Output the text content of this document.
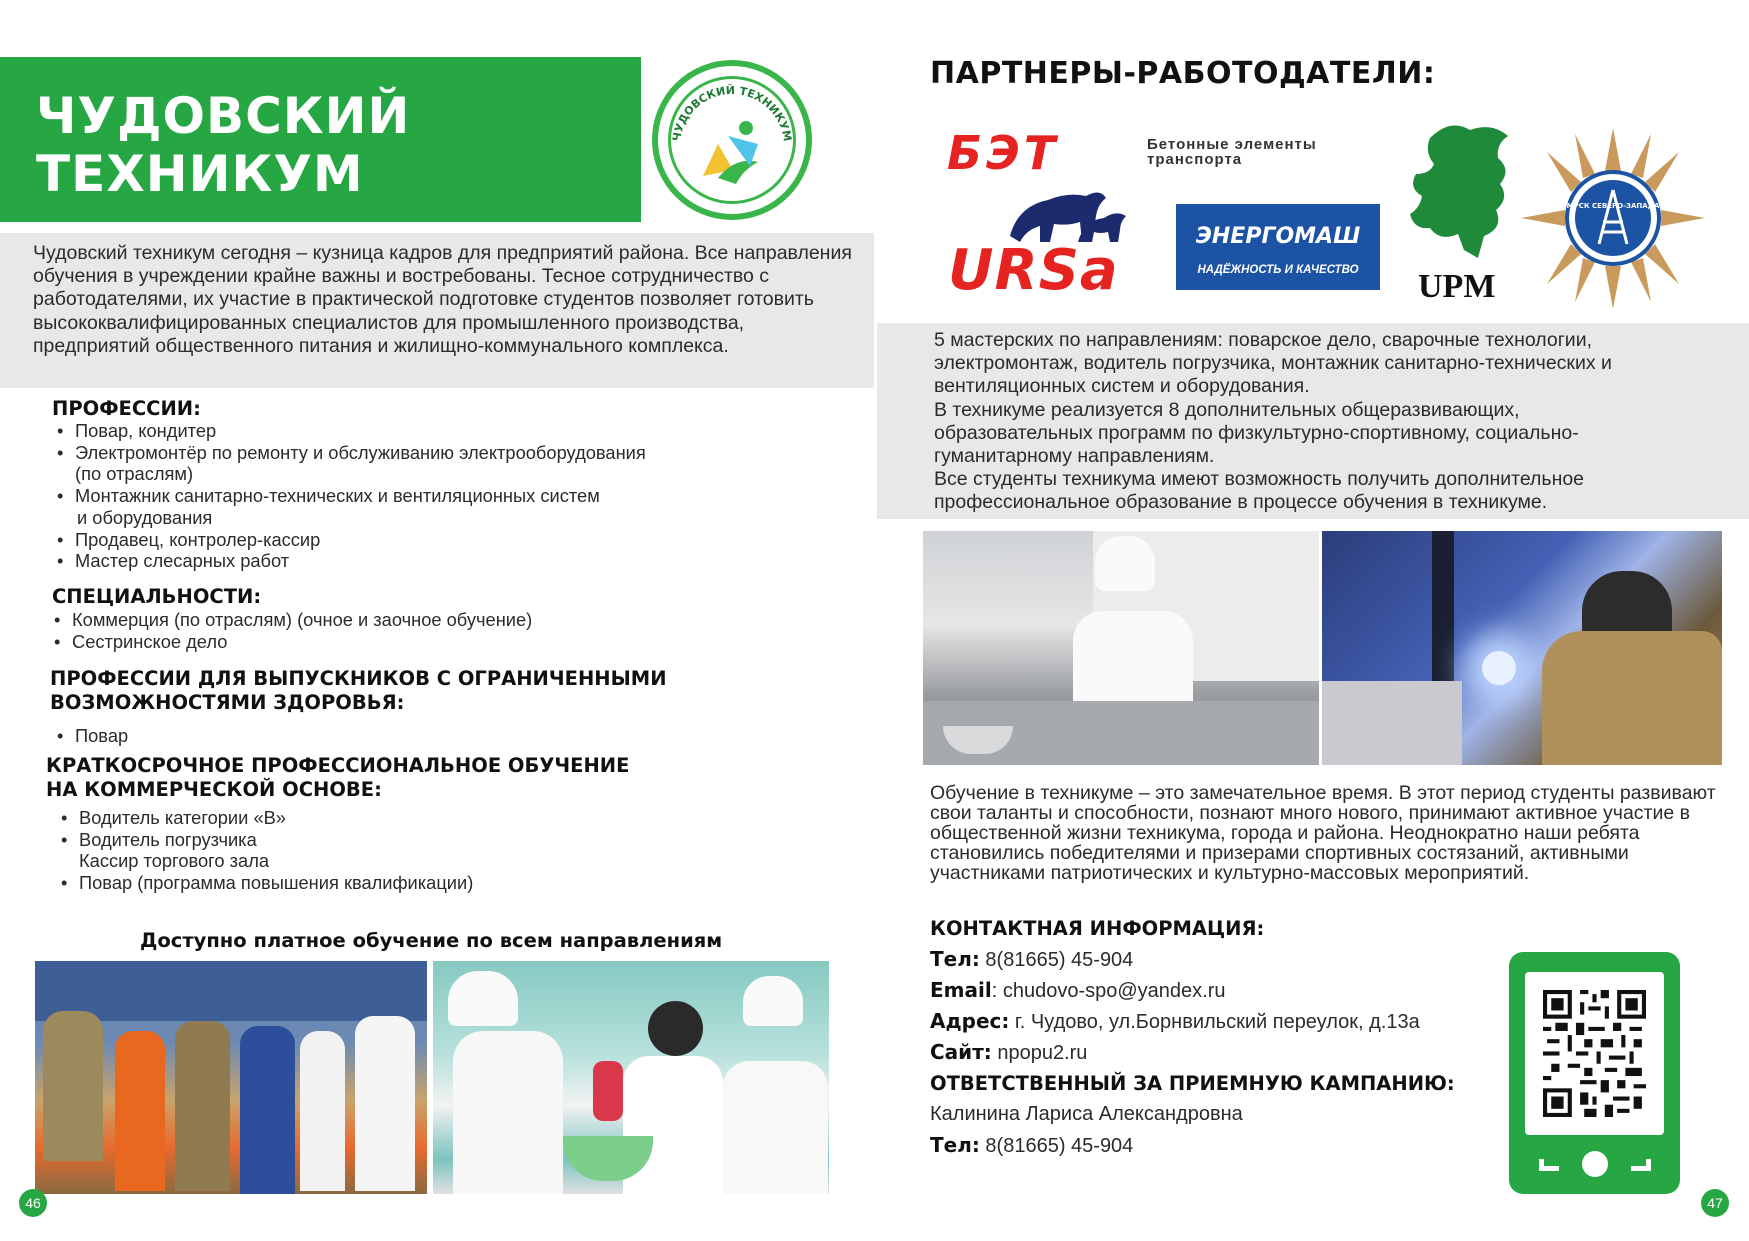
ЧУДОВСКИЙ
ТЕХНИКУМ
ЧУДОВСКИЙ ТЕХНИКУМ

Чудовский техникум сегодня – кузница кадров для предприятий района. Все направления обучения в учреждении крайне важны и востребованы. Тесное сотрудничество с работодателями, их участие в практической подготовке студентов позволяет готовить высококвалифицированных специалистов для промышленного производства, предприятий общественного питания и жилищно-коммунального комплекса.

ПРОФЕССИИ:
• Повар, кондитер
• Электромонтёр по ремонту и обслуживанию электрооборудования
(по отраслям)
• Монтажник санитарно-технических и вентиляционных систем
и оборудования
• Продавец, контролер-кассир
• Мастер слесарных работ
СПЕЦИАЛЬНОСТИ:
• Коммерция (по отраслям) (очное и заочное обучение)
• Сестринское дело
ПРОФЕССИИ ДЛЯ ВЫПУСКНИКОВ С ОГРАНИЧЕННЫМИ
ВОЗМОЖНОСТЯМИ ЗДОРОВЬЯ:
• Повар
КРАТКОСРОЧНОЕ ПРОФЕССИОНАЛЬНОЕ ОБУЧЕНИЕ
НА КОММЕРЧЕСКОЙ ОСНОВЕ:
• Водитель категории «В»
• Водитель погрузчика
Кассир торгового зала
• Повар (программа повышения квалификации)
Доступно платное обучение по всем направлениям
46
ПАРТНЕРЫ-РАБОТОДАТЕЛИ:
БЭТ	Бетонные элементы
транспорта
URSa
ЭНЕРГОМАШ
НАДЁЖНОСТЬ И КАЧЕСТВО	UPM
МРСК СЕВЕРО-ЗАПАДА

5 мастерских по направлениям: поварское дело, сварочные технологии,
электромонтаж, водитель погрузчика, монтажник санитарно-технических и
вентиляционных систем и оборудования.
В техникуме реализуется 8 дополнительных общеразвивающих,
образовательных программ по физкультурно-спортивному, социально-
гуманитарному направлениям.
Все студенты техникума имеют возможность получить дополнительное
профессиональное образование в процессе обучения в техникуме.

Обучение в техникуме – это замечательное время. В этот период студенты развивают свои таланты и способности, познают много нового, принимают активное участие в общественной жизни техникума, города и района. Неоднократно наши ребята становились победителями и призерами спортивных состязаний, активными участниками патриотических и культурно-массовых мероприятий.

КОНТАКТНАЯ ИНФОРМАЦИЯ:
Тел: 8(81665) 45-904
Email: chudovo-spo@yandex.ru
Адрес: г. Чудово, ул.Борнвильский переулок, д.13а
Сайт: npopu2.ru
ОТВЕТСТВЕННЫЙ ЗА ПРИЕМНУЮ КАМПАНИЮ:
Калинина Лариса Александровна
Тел: 8(81665) 45-904
47
